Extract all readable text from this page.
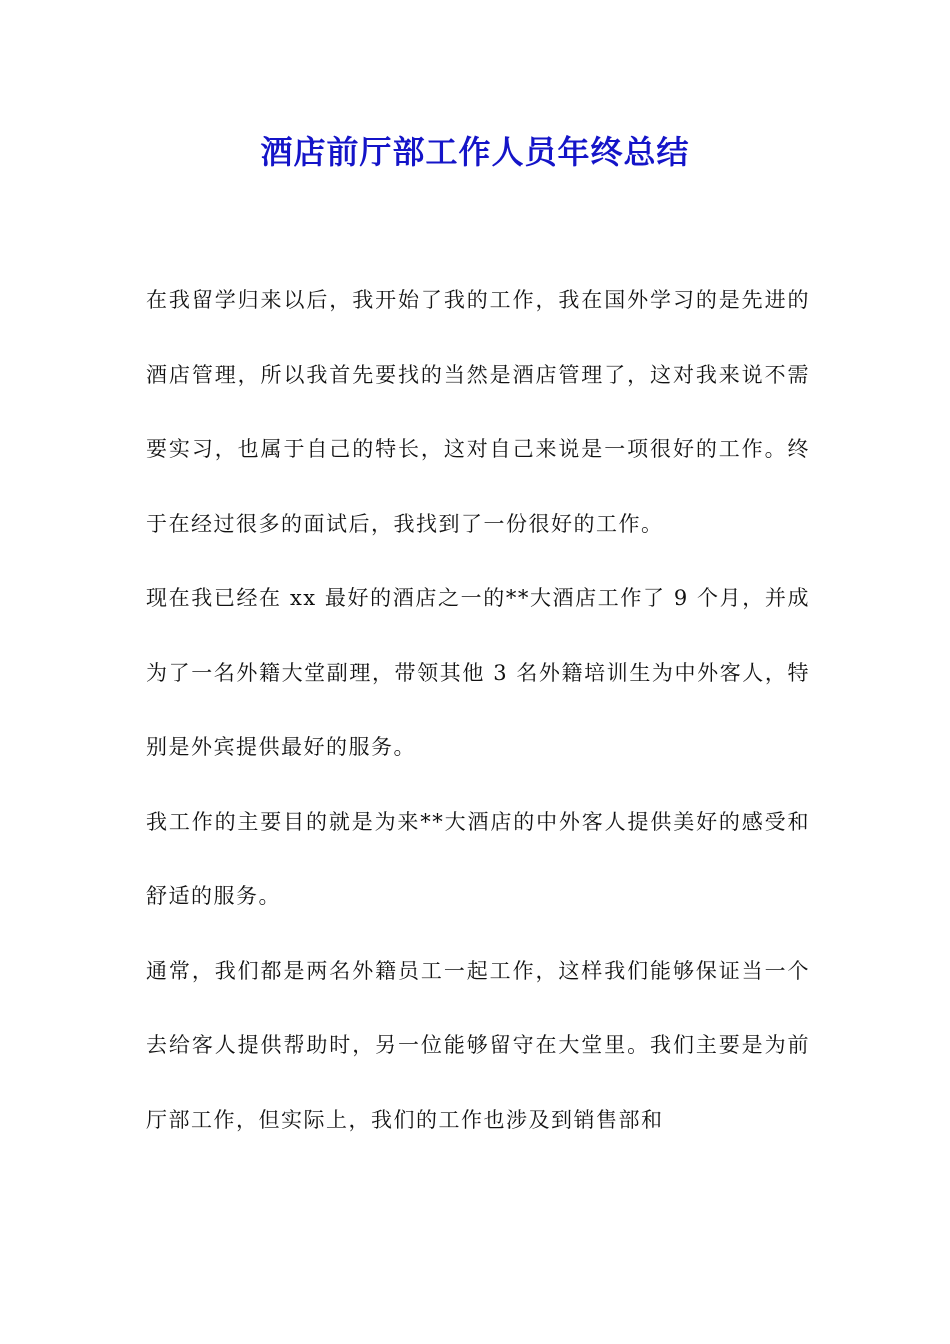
酒店前厅部工作人员年终总结

在我留学归来以后，我开始了我的工作，我在国外学习的是先进的酒店管理，所以我首先要找的当然是酒店管理了，这对我来说不需要实习，也属于自己的特长，这对自己来说是一项很好的工作。终于在经过很多的面试后，我找到了一份很好的工作。

现在我已经在 xx 最好的酒店之一的**大酒店工作了 9 个月，并成为了一名外籍大堂副理，带领其他 3 名外籍培训生为中外客人，特别是外宾提供最好的服务。

我工作的主要目的就是为来**大酒店的中外客人提供美好的感受和舒适的服务。

通常，我们都是两名外籍员工一起工作，这样我们能够保证当一个去给客人提供帮助时，另一位能够留守在大堂里。我们主要是为前厅部工作，但实际上，我们的工作也涉及到销售部和
